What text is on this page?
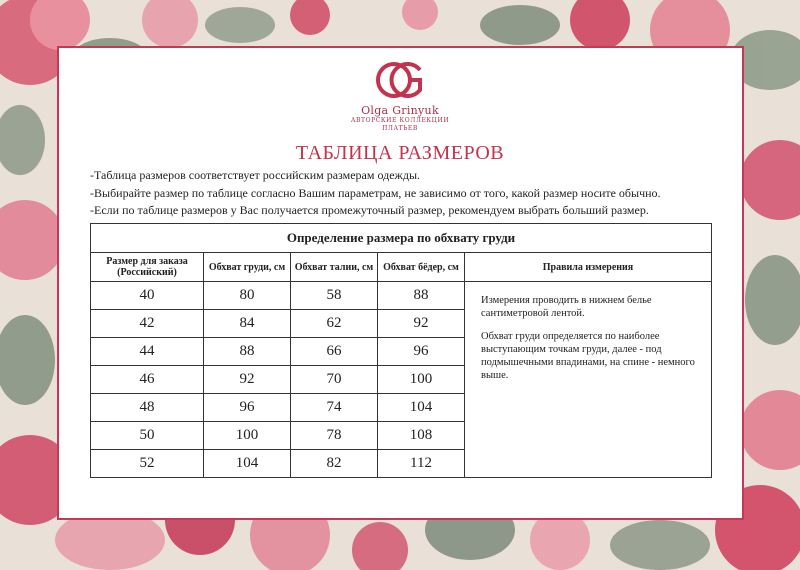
Olga Grinyuk
АВТОРСКИЕ КОЛЛЕКЦИИ
ПЛАТЬЕВ
ТАБЛИЦА РАЗМЕРОВ
-Таблица размеров соответствует российским размерам одежды.
-Выбирайте размер по таблице согласно Вашим параметрам, не зависимо от того, какой размер носите обычно.
-Если по таблице размеров у Вас получается промежуточный размер, рекомендуем выбрать больший размер.
Определение размера по обхвату груди				
Размер для заказа (Российский)	Обхват груди, см	Обхват талии, см	Обхват бёдер, см	Правила измерения
40	80	58	88	Измерения проводить в нижнем белье сантиметровой лентой.

Обхват груди определяется по наиболее выступающим точкам груди, далее - под подмышечными впадинами, на спине - немного выше.

42	84	62	92	
44	88	66	96	
46	92	70	100	
48	96	74	104	
50	100	78	108	
52	104	82	112	
